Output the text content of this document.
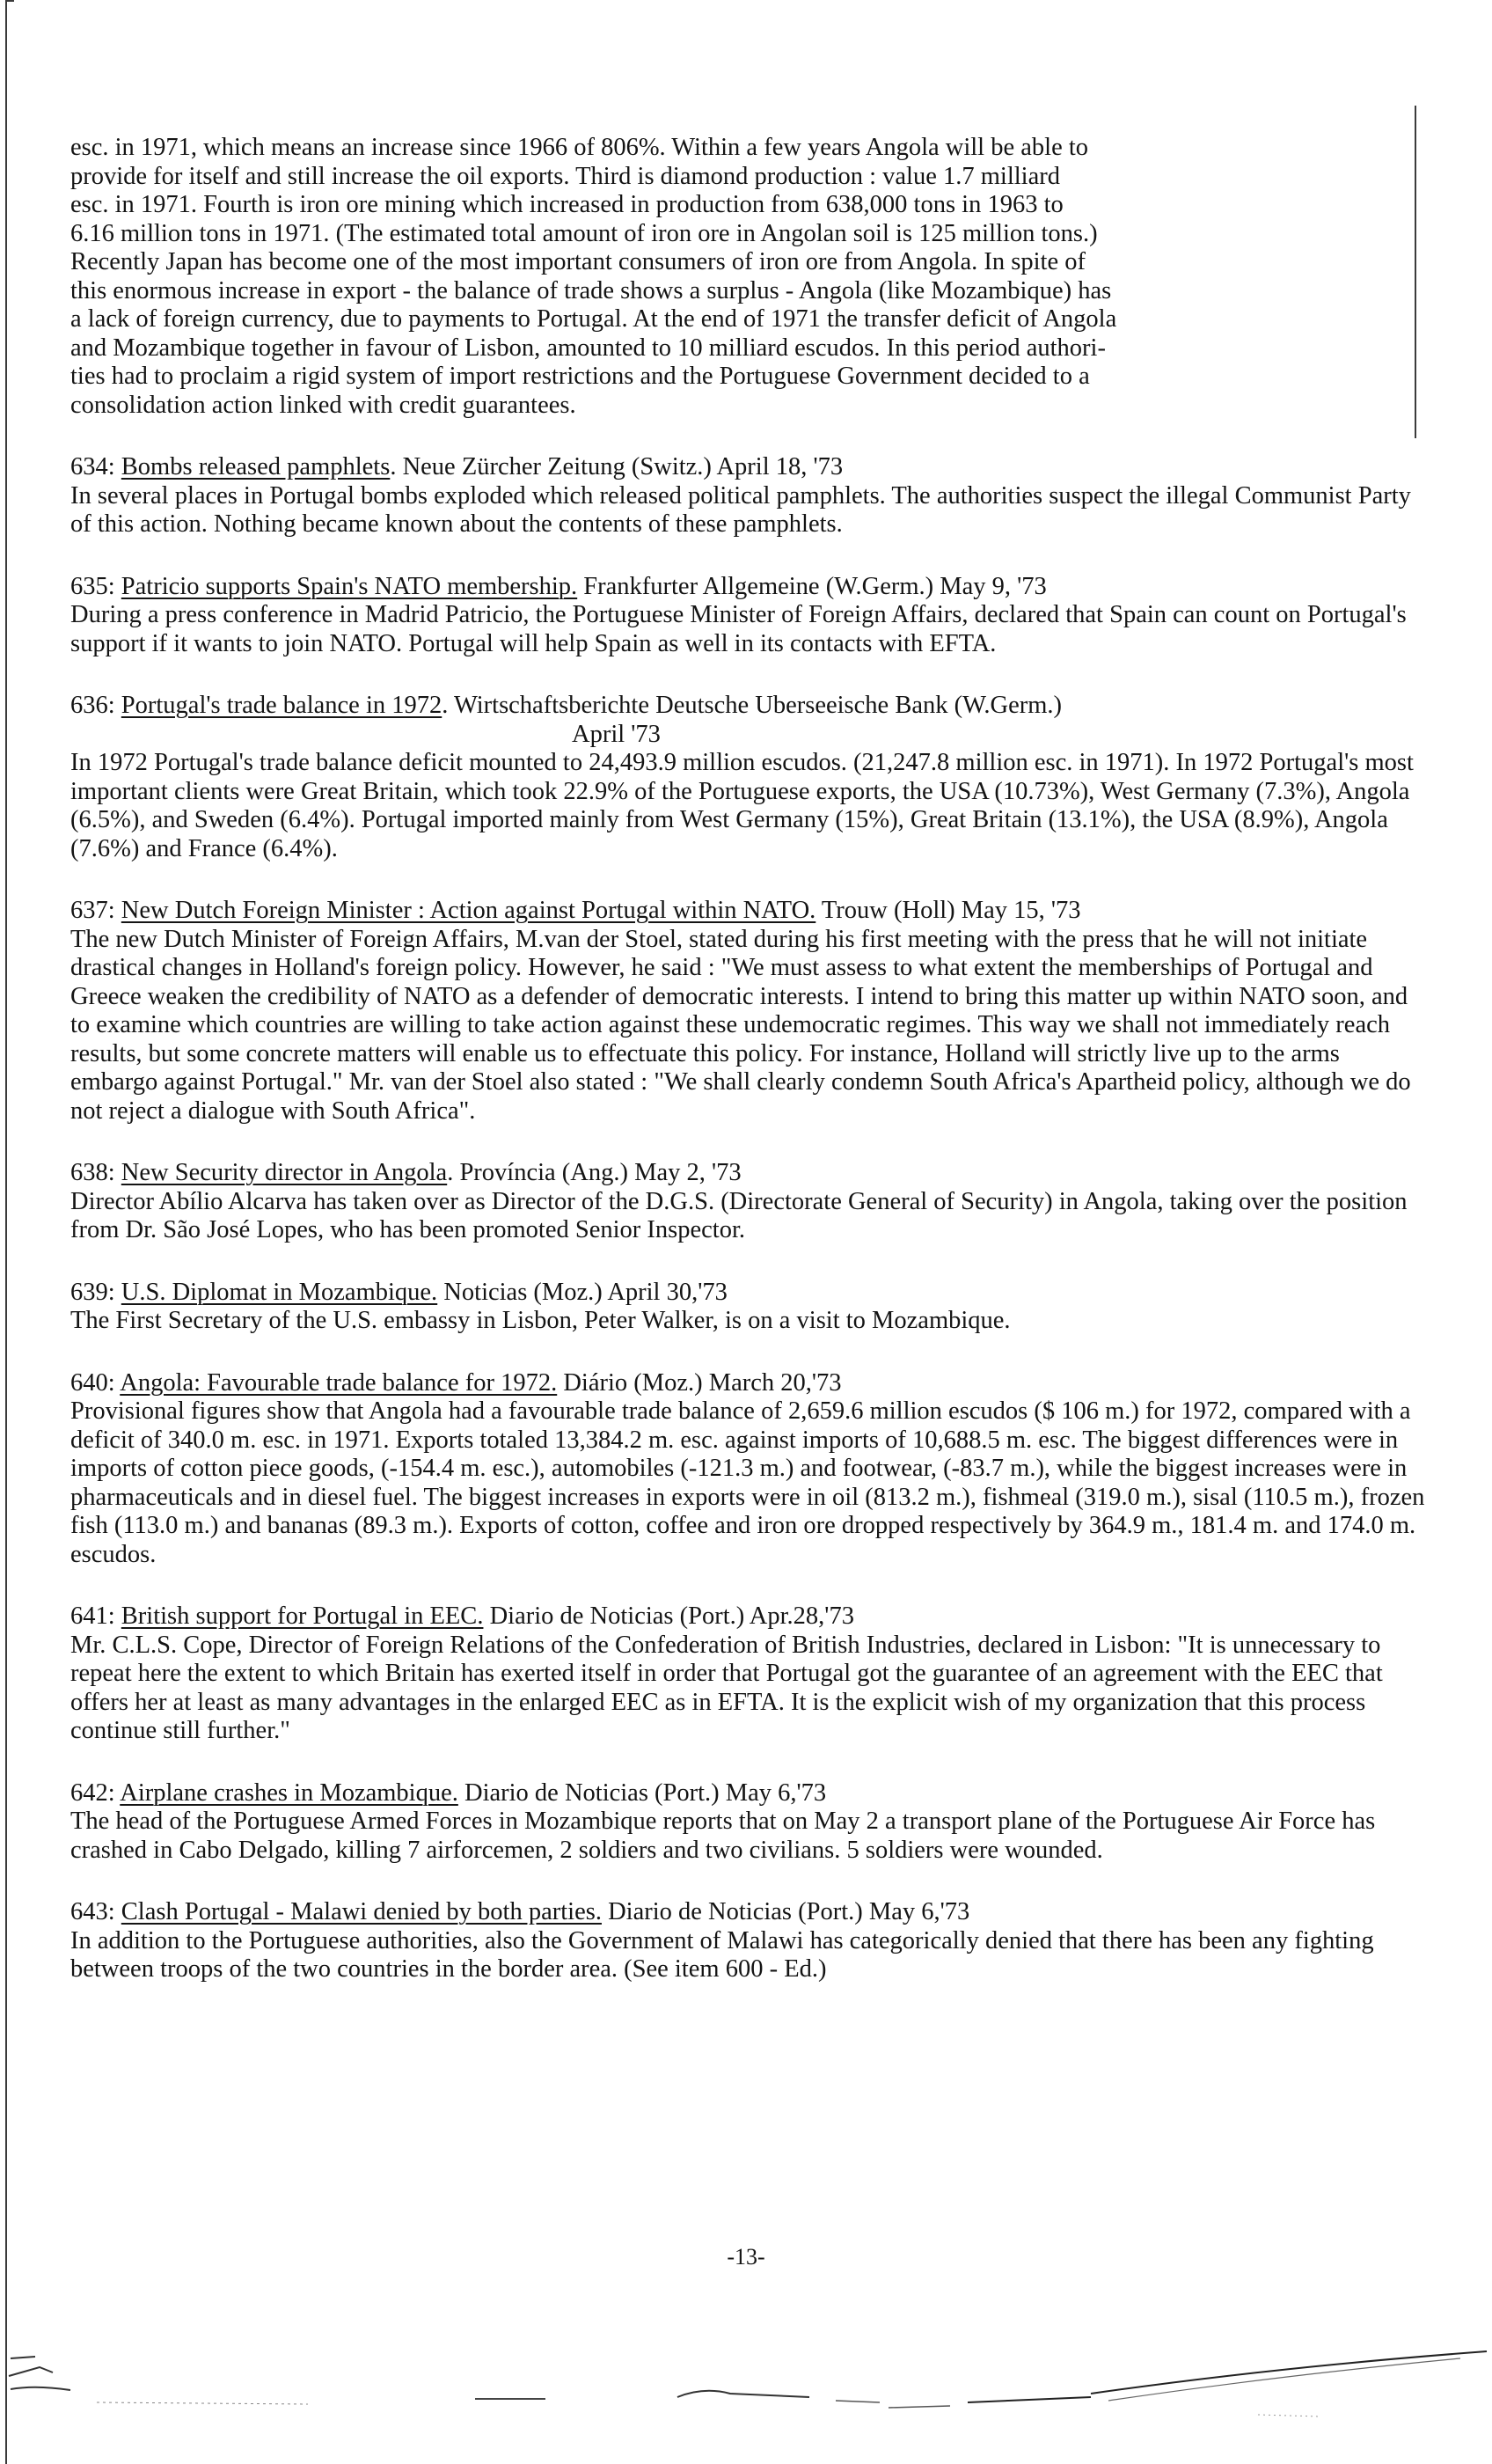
esc. in 1971, which means an increase since 1966 of 806%. Within a few years Angola will be able to
provide for itself and still increase the oil exports. Third is diamond production : value 1.7 milliard
esc. in 1971. Fourth is iron ore mining which increased in production from 638,000 tons in 1963 to
6.16 million tons in 1971. (The estimated total amount of iron ore in Angolan soil is 125 million tons.)
Recently Japan has become one of the most important consumers of iron ore from Angola. In spite of
this enormous increase in export - the balance of trade shows a surplus - Angola (like Mozambique) has
a lack of foreign currency, due to payments to Portugal. At the end of 1971 the transfer deficit of Angola
and Mozambique together in favour of Lisbon, amounted to 10 milliard escudos. In this period authori-
ties had to proclaim a rigid system of import restrictions and the Portuguese Government decided to a
consolidation action linked with credit guarantees.
634: Bombs released pamphlets. Neue Zürcher Zeitung (Switz.) April 18, '73
In several places in Portugal bombs exploded which released political pamphlets. The authorities suspect the illegal Communist Party of this action. Nothing became known about the contents of these pamphlets.
635: Patricio supports Spain's NATO membership. Frankfurter Allgemeine (W.Germ.) May 9, '73
During a press conference in Madrid Patricio, the Portuguese Minister of Foreign Affairs, declared that Spain can count on Portugal's support if it wants to join NATO. Portugal will help Spain as well in its contacts with EFTA.
636: Portugal's trade balance in 1972. Wirtschaftsberichte Deutsche Uberseeische Bank (W.Germ.)
April '73
In 1972 Portugal's trade balance deficit mounted to 24,493.9 million escudos. (21,247.8 million esc. in 1971). In 1972 Portugal's most important clients were Great Britain, which took 22.9% of the Portuguese exports, the USA (10.73%), West Germany (7.3%), Angola (6.5%), and Sweden (6.4%). Portugal imported mainly from West Germany (15%), Great Britain (13.1%), the USA (8.9%), Angola (7.6%) and France (6.4%).
637: New Dutch Foreign Minister : Action against Portugal within NATO. Trouw (Holl) May 15, '73
The new Dutch Minister of Foreign Affairs, M.van der Stoel, stated during his first meeting with the press that he will not initiate drastical changes in Holland's foreign policy. However, he said : "We must assess to what extent the memberships of Portugal and Greece weaken the credibility of NATO as a defender of democratic interests. I intend to bring this matter up within NATO soon, and to examine which countries are willing to take action against these undemocratic regimes. This way we shall not immediately reach results, but some concrete matters will enable us to effectuate this policy. For instance, Holland will strictly live up to the arms embargo against Portugal." Mr. van der Stoel also stated : "We shall clearly condemn South Africa's Apartheid policy, although we do not reject a dialogue with South Africa".
638: New Security director in Angola. Província (Ang.) May 2, '73
Director Abílio Alcarva has taken over as Director of the D.G.S. (Directorate General of Security) in Angola, taking over the position from Dr. São José Lopes, who has been promoted Senior Inspector.
639: U.S. Diplomat in Mozambique. Noticias (Moz.) April 30,'73
The First Secretary of the U.S. embassy in Lisbon, Peter Walker, is on a visit to Mozambique.
640: Angola: Favourable trade balance for 1972. Diário (Moz.) March 20,'73
Provisional figures show that Angola had a favourable trade balance of 2,659.6 million escudos ($ 106 m.) for 1972, compared with a deficit of 340.0 m. esc. in 1971. Exports totaled 13,384.2 m. esc. against imports of 10,688.5 m. esc. The biggest differences were in imports of cotton piece goods, (-154.4 m. esc.), automobiles (-121.3 m.) and footwear, (-83.7 m.), while the biggest increases were in pharmaceuticals and in diesel fuel. The biggest increases in exports were in oil (813.2 m.), fishmeal (319.0 m.), sisal (110.5 m.), frozen fish (113.0 m.) and bananas (89.3 m.). Exports of cotton, coffee and iron ore dropped respectively by 364.9 m., 181.4 m. and 174.0 m. escudos.
641: British support for Portugal in EEC. Diario de Noticias (Port.) Apr.28,'73
Mr. C.L.S. Cope, Director of Foreign Relations of the Confederation of British Industries, declared in Lisbon: "It is unnecessary to repeat here the extent to which Britain has exerted itself in order that Portugal got the guarantee of an agreement with the EEC that offers her at least as many advantages in the enlarged EEC as in EFTA. It is the explicit wish of my organization that this process continue still further."
642: Airplane crashes in Mozambique. Diario de Noticias (Port.) May 6,'73
The head of the Portuguese Armed Forces in Mozambique reports that on May 2 a transport plane of the Portuguese Air Force has crashed in Cabo Delgado, killing 7 airforcemen, 2 soldiers and two civilians. 5 soldiers were wounded.
643: Clash Portugal - Malawi denied by both parties. Diario de Noticias (Port.) May 6,'73
In addition to the Portuguese authorities, also the Government of Malawi has categorically denied that there has been any fighting between troops of the two countries in the border area. (See item 600 - Ed.)
-13-
